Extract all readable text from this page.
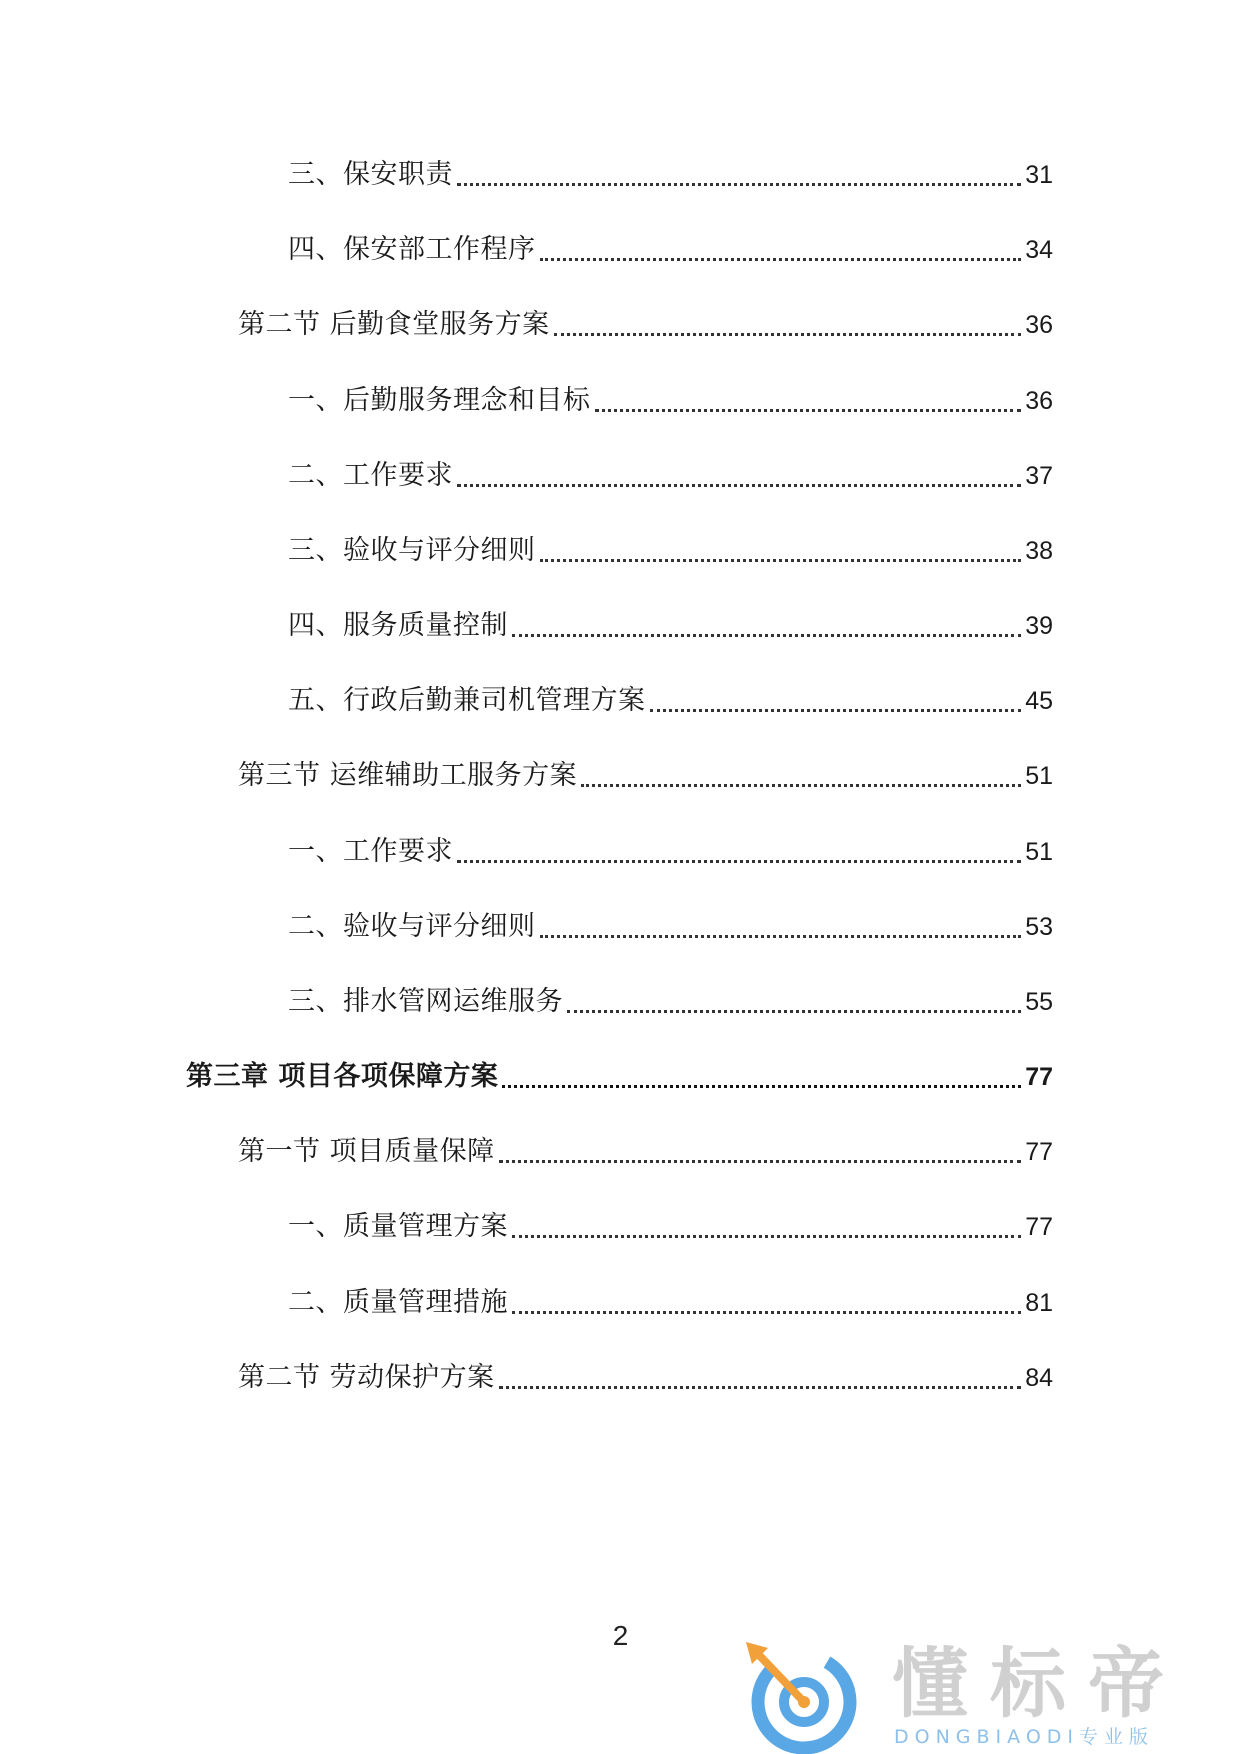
三、保安职责	31
四、保安部工作程序	34
第二节 后勤食堂服务方案	36
一、后勤服务理念和目标	36
二、工作要求	37
三、验收与评分细则	38
四、服务质量控制	39
五、行政后勤兼司机管理方案	45
第三节 运维辅助工服务方案	51
一、工作要求	51
二、验收与评分细则	53
三、排水管网运维服务	55
第三章 项目各项保障方案	77
第一节 项目质量保障	77
一、质量管理方案	77
二、质量管理措施	81
第二节 劳动保护方案	84
2
懂标帝
DONGBIAODI专业版
